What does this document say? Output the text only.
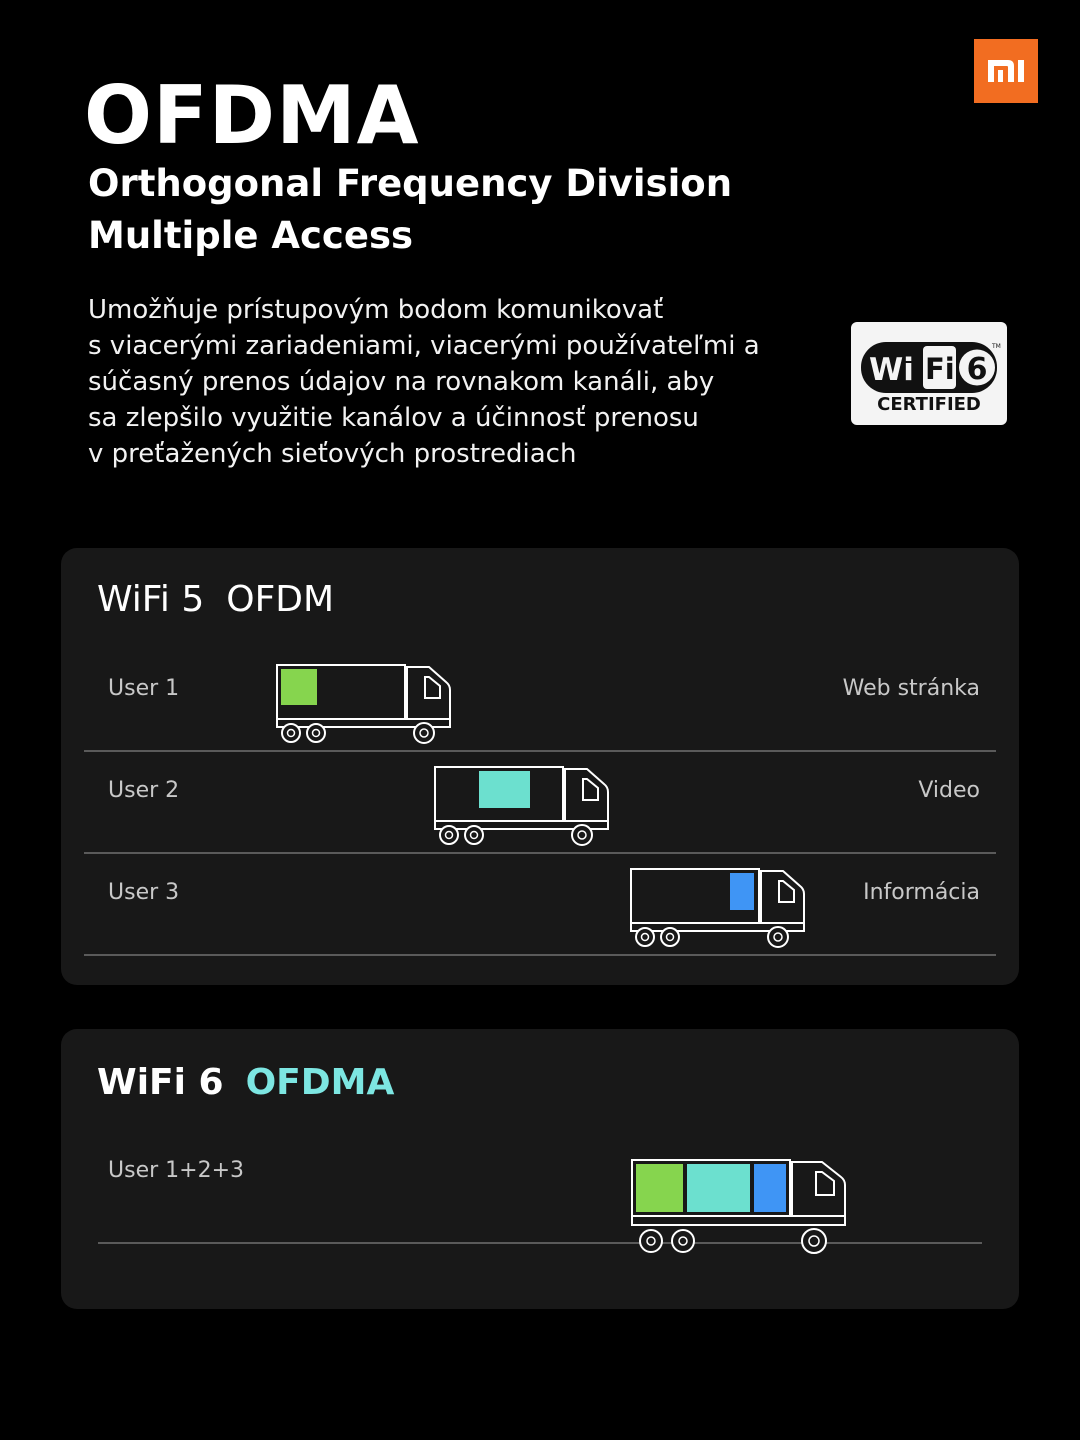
OFDMA
Orthogonal Frequency Division
Multiple Access

Umožňuje prístupovým bodom komunikovať
s viacerými zariadeniami, viacerými používateľmi a
súčasný prenos údajov na rovnakom kanáli, aby
sa zlepšilo využitie kanálov a účinnosť prenosu
v preťažených sieťových prostrediach

Wi Fi 6
TM
CERTIFIED
WiFi 5 OFDM
User 1	Web stránka
User 2	Video
User 3	Informácia
WiFi 6 OFDMA
User 1+2+3
